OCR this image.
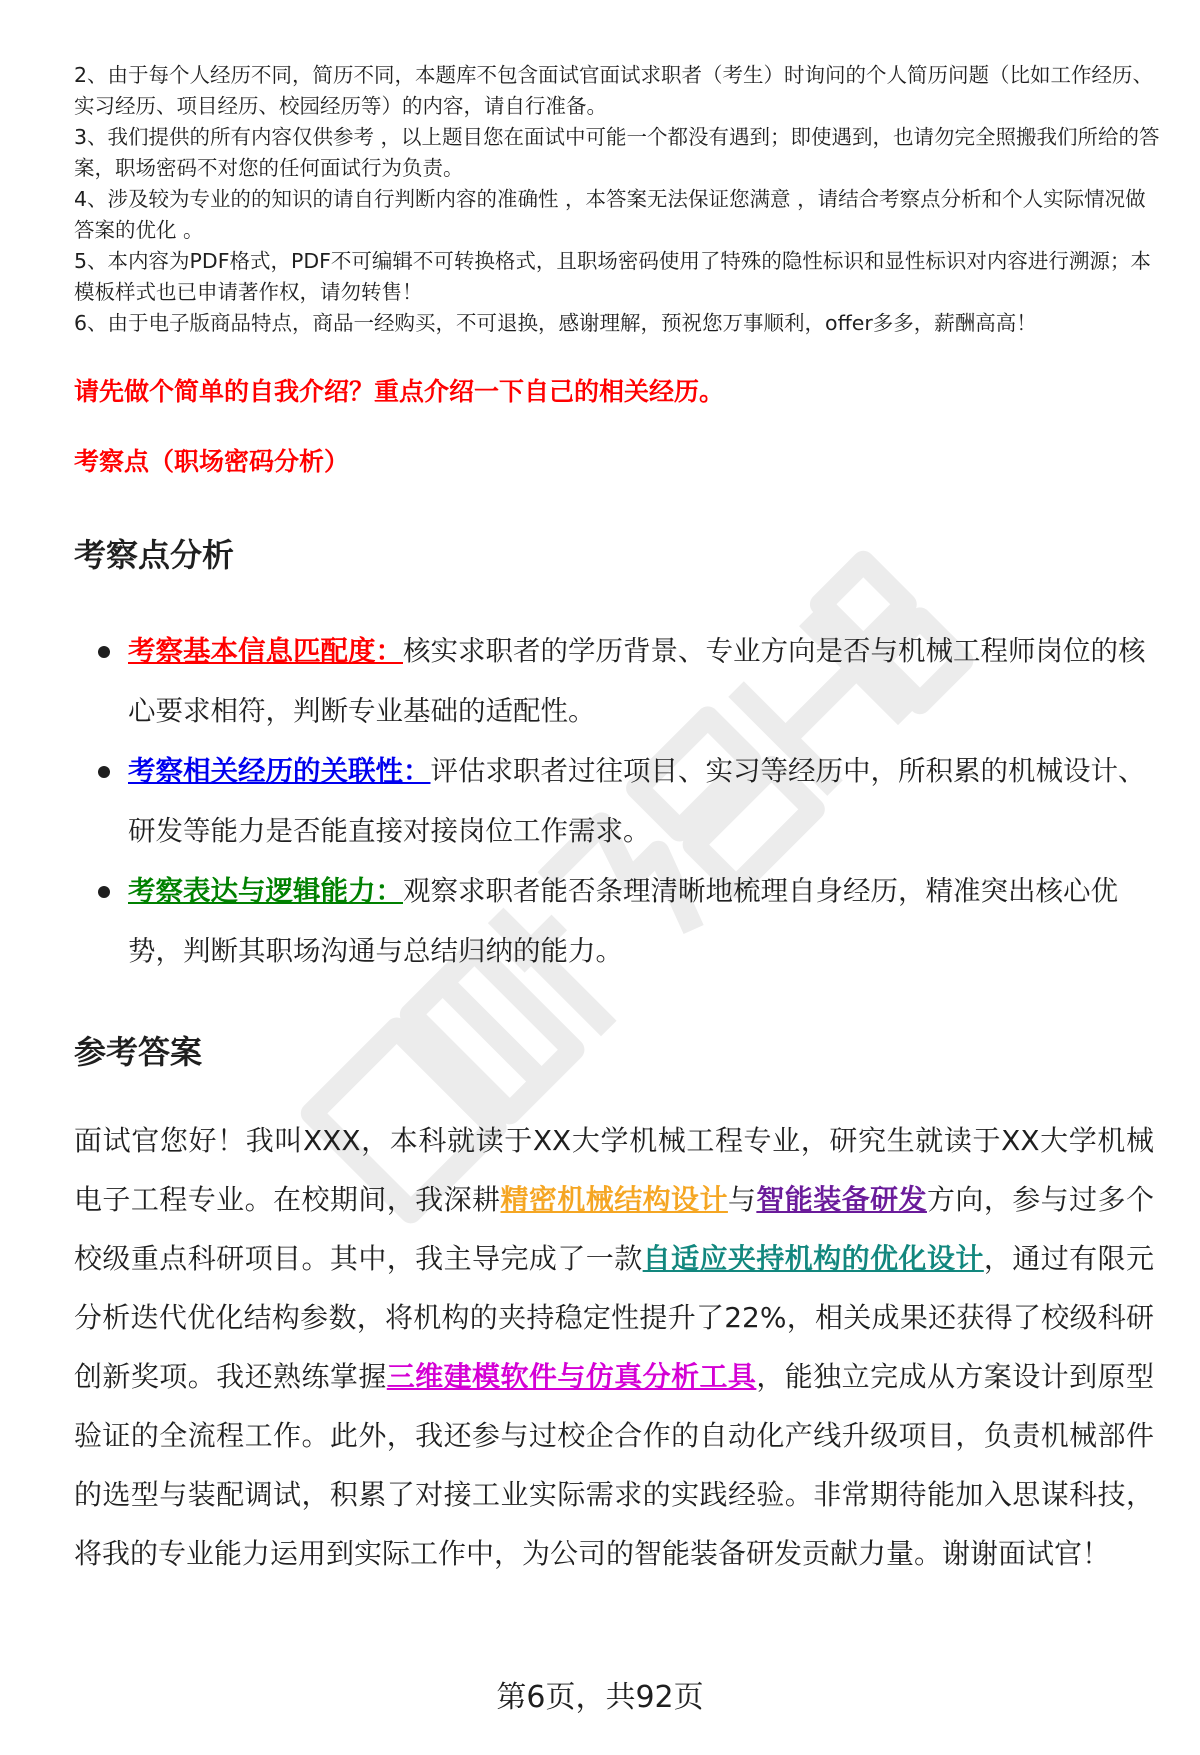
2、由于每个人经历不同，简历不同，本题库不包含面试官面试求职者（考生）时询问的个人简历问题（比如工作经历、实习经历、项目经历、校园经历等）的内容，请自行准备。

3、我们提供的所有内容仅供参考 ，以上题目您在面试中可能一个都没有遇到；即使遇到，也请勿完全照搬我们所给的答案，职场密码不对您的任何面试行为负责。

4、涉及较为专业的的知识的请自行判断内容的准确性 ，本答案无法保证您满意 ，请结合考察点分析和个人实际情况做答案的优化 。

5、本内容为PDF格式，PDF不可编辑不可转换格式，且职场密码使用了特殊的隐性标识和显性标识对内容进行溯源；本模板样式也已申请著作权，请勿转售！

6、由于电子版商品特点，商品一经购买，不可退换，感谢理解，预祝您万事顺利，offer多多，薪酬高高！

请先做个简单的自我介绍？重点介绍一下自己的相关经历。

考察点（职场密码分析）

考察点分析
考察基本信息匹配度：核实求职者的学历背景、专业方向是否与机械工程师岗位的核心要求相符，判断专业基础的适配性。
考察相关经历的关联性：评估求职者过往项目、实习等经历中，所积累的机械设计、研发等能力是否能直接对接岗位工作需求。
考察表达与逻辑能力：观察求职者能否条理清晰地梳理自身经历，精准突出核心优势，判断其职场沟通与总结归纳的能力。
参考答案

面试官您好！我叫XXX，本科就读于XX大学机械工程专业，研究生就读于XX大学机械电子工程专业。在校期间，我深耕精密机械结构设计与智能装备研发方向，参与过多个校级重点科研项目。其中，我主导完成了一款自适应夹持机构的优化设计，通过有限元分析迭代优化结构参数，将机构的夹持稳定性提升了22%，相关成果还获得了校级科研创新奖项。我还熟练掌握三维建模软件与仿真分析工具，能独立完成从方案设计到原型验证的全流程工作。此外，我还参与过校企合作的自动化产线升级项目，负责机械部件的选型与装配调试，积累了对接工业实际需求的实践经验。非常期待能加入思谋科技，将我的专业能力运用到实际工作中，为公司的智能装备研发贡献力量。谢谢面试官！

第6页，共92页
